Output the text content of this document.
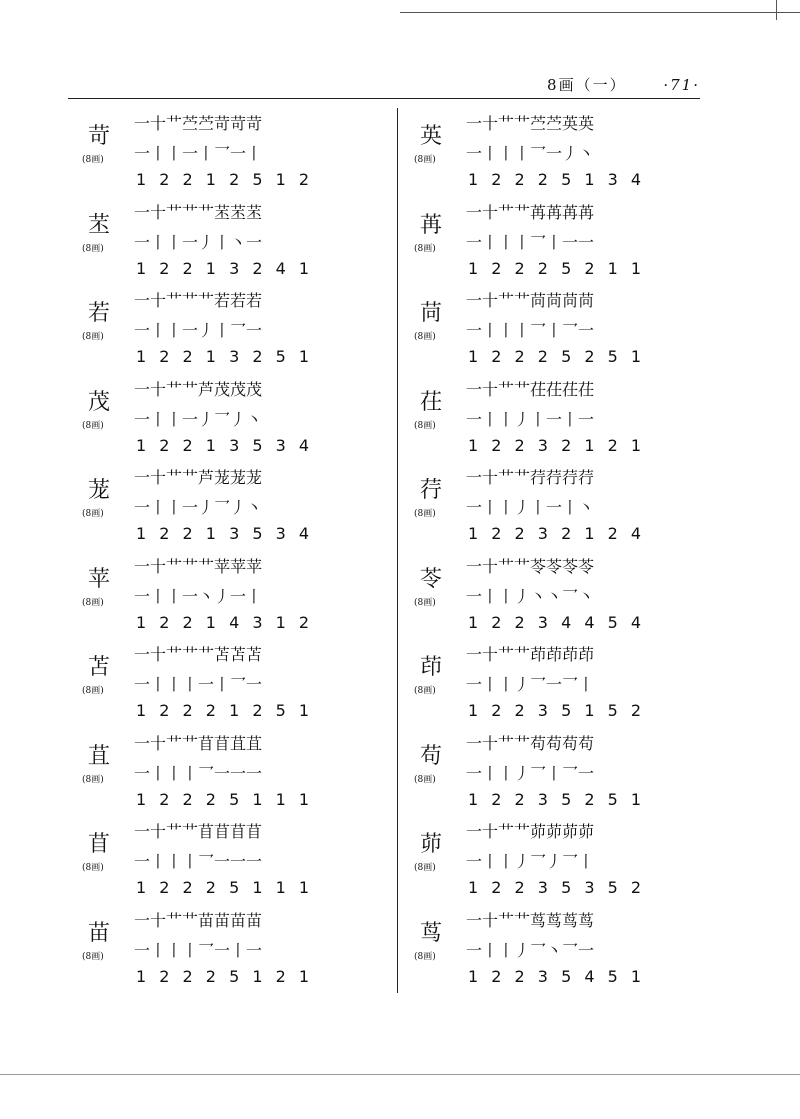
8画（一） ·71·
一十艹苎苎苛苛苛
苛
一丨丨一丨乛一丨
(8画)
1 2 2 1 2 5 1 2
一十艹艹艹苤苤苤
苤
一丨丨一丿丨丶一
(8画)
1 2 2 1 3 2 4 1
一十艹艹艹若若若
若
一丨丨一丿丨乛一
(8画)
1 2 2 1 3 2 5 1
一十艹艹芦茂茂茂
茂
一丨丨一丿乛丿丶
(8画)
1 2 2 1 3 5 3 4
一十艹艹芦茏茏茏
茏
一丨丨一丿乛丿丶
(8画)
1 2 2 1 3 5 3 4
一十艹艹艹苹苹苹
苹
一丨丨一丶丿一丨
(8画)
1 2 2 1 4 3 1 2
一十艹艹艹苫苫苫
苫
一丨丨丨一丨乛一
(8画)
1 2 2 2 1 2 5 1
一十艹艹苜苜苴苴
苴
一丨丨丨乛一一一
(8画)
1 2 2 2 5 1 1 1
一十艹艹苜苜苜苜
苜
一丨丨丨乛一一一
(8画)
1 2 2 2 5 1 1 1
一十艹艹苗苗苗苗
苗
一丨丨丨乛一丨一
(8画)
1 2 2 2 5 1 2 1
一十艹艹苎苎英英
英
一丨丨丨乛一丿丶
(8画)
1 2 2 2 5 1 3 4
一十艹艹苒苒苒苒
苒
一丨丨丨乛丨一一
(8画)
1 2 2 2 5 2 1 1
一十艹艹苘苘苘苘
苘
一丨丨丨乛丨乛一
(8画)
1 2 2 2 5 2 5 1
一十艹艹茌茌茌茌
茌
一丨丨丿丨一丨一
(8画)
1 2 2 3 2 1 2 1
一十艹艹荇荇荇荇
荇
一丨丨丿丨一丨丶
(8画)
1 2 2 3 2 1 2 4
一十艹艹苓苓苓苓
苓
一丨丨丿丶丶乛丶
(8画)
1 2 2 3 4 4 5 4
一十艹艹茚茚茚茚
茚
一丨丨丿乛一乛丨
(8画)
1 2 2 3 5 1 5 2
一十艹艹苟苟苟苟
苟
一丨丨丿乛丨乛一
(8画)
1 2 2 3 5 2 5 1
一十艹艹茆茆茆茆
茆
一丨丨丿乛丿乛丨
(8画)
1 2 2 3 5 3 5 2
一十艹艹茑茑茑茑
茑
一丨丨丿乛丶乛一
(8画)
1 2 2 3 5 4 5 1
